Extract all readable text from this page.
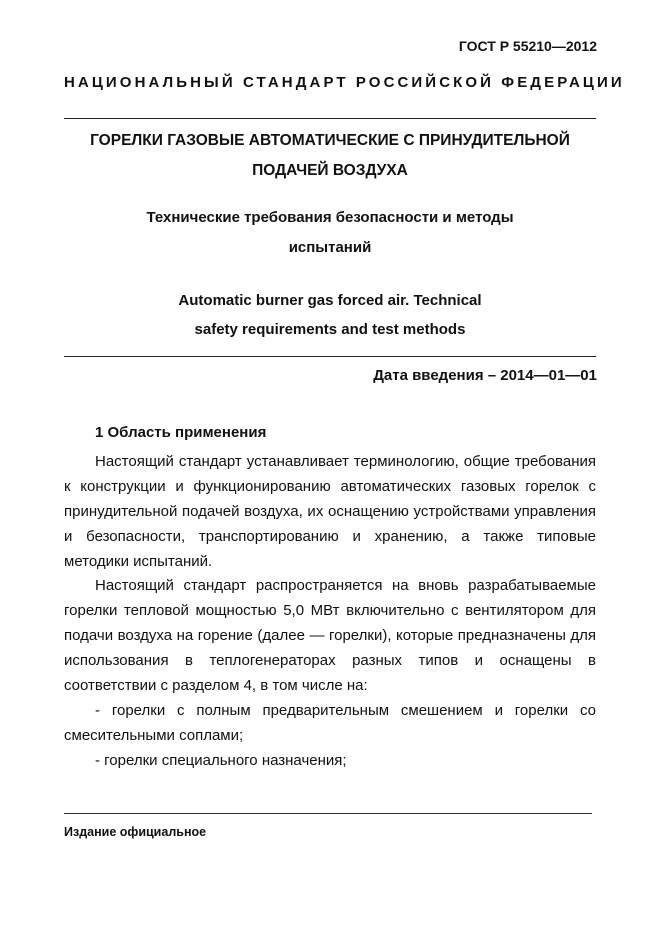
ГОСТ Р 55210—2012
НАЦИОНАЛЬНЫЙ СТАНДАРТ РОССИЙСКОЙ ФЕДЕРАЦИИ
ГОРЕЛКИ ГАЗОВЫЕ АВТОМАТИЧЕСКИЕ С ПРИНУДИТЕЛЬНОЙ
ПОДАЧЕЙ ВОЗДУХА
Технические требования безопасности и методы
испытаний
Automatic burner gas forced air. Technical
safety requirements and test methods
Дата введения – 2014—01—01
1 Область применения

Настоящий стандарт устанавливает терминологию, общие требования к конструкции и функционированию автоматических газовых горелок с принудительной подачей воздуха, их оснащению устройствами управления и безопасности, транспортированию и хранению, а также типовые методики испытаний.

Настоящий стандарт распространяется на вновь разрабатываемые горелки тепловой мощностью 5,0 МВт включительно с вентилятором для подачи воздуха на горение (далее — горелки), которые предназначены для использования в теплогенераторах разных типов и оснащены в соответствии с разделом 4, в том числе на:

- горелки с полным предварительным смешением и горелки со смесительными соплами;

- горелки специального назначения;

Издание официальное
